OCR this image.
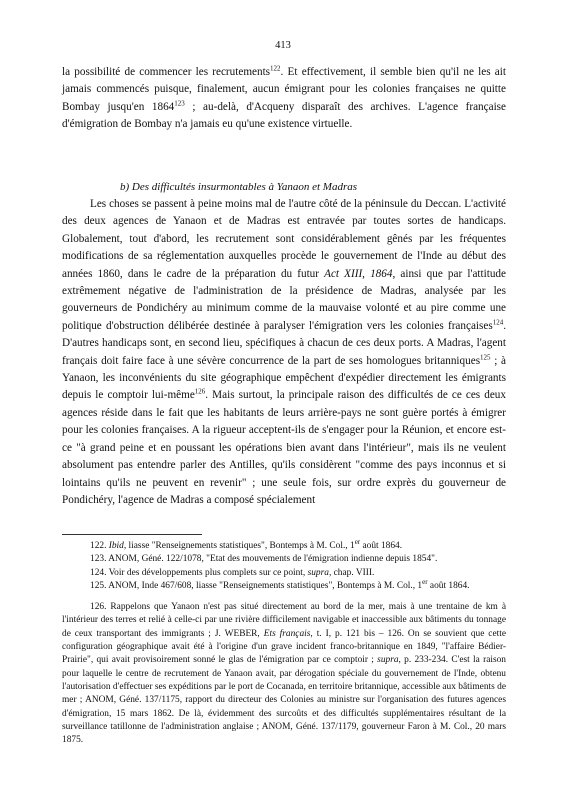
413

la possibilité de commencer les recrutements$^{122}$. Et effectivement, il semble bien qu'il ne les ait jamais commencés puisque, finalement, aucun émigrant pour les colonies françaises ne quitte Bombay jusqu'en 1864$^{123}$ ; au-delà, d'Acqueny disparaît des archives. L'agence française d'émigration de Bombay n'a jamais eu qu'une existence virtuelle.

b) Des difficultés insurmontables à Yanaon et Madras

Les choses se passent à peine moins mal de l'autre côté de la péninsule du Deccan. L'activité des deux agences de Yanaon et de Madras est entravée par toutes sortes de handicaps. Globalement, tout d'abord, les recrutement sont considérablement gênés par les fréquentes modifications de sa réglementation auxquelles procède le gouvernement de l'Inde au début des années 1860, dans le cadre de la préparation du futur Act XIII, 1864, ainsi que par l'attitude extrêmement négative de l'administration de la présidence de Madras, analysée par les gouverneurs de Pondichéry au minimum comme de la mauvaise volonté et au pire comme une politique d'obstruction délibérée destinée à paralyser l'émigration vers les colonies françaises$^{124}$. D'autres handicaps sont, en second lieu, spécifiques à chacun de ces deux ports. A Madras, l'agent français doit faire face à une sévère concurrence de la part de ses homologues britanniques$^{125}$ ; à Yanaon, les inconvénients du site géographique empêchent d'expédier directement les émigrants depuis le comptoir lui-même$^{126}$. Mais surtout, la principale raison des difficultés de ce ces deux agences réside dans le fait que les habitants de leurs arrière-pays ne sont guère portés à émigrer pour les colonies françaises. A la rigueur acceptent-ils de s'engager pour la Réunion, et encore est-ce "à grand peine et en poussant les opérations bien avant dans l'intérieur", mais ils ne veulent absolument pas entendre parler des Antilles, qu'ils considèrent "comme des pays inconnus et si lointains qu'ils ne peuvent en revenir" ; une seule fois, sur ordre exprès du gouverneur de Pondichéry, l'agence de Madras a composé spécialement

122. Ibid, liasse "Renseignements statistiques", Bontemps à M. Col., 1er août 1864.

123. ANOM, Géné. 122/1078, "Etat des mouvements de l'émigration indienne depuis 1854".

124. Voir des développements plus complets sur ce point, supra, chap. VIII.

125. ANOM, Inde 467/608, liasse "Renseignements statistiques", Bontemps à M. Col., 1er août 1864.

126. Rappelons que Yanaon n'est pas situé directement au bord de la mer, mais à une trentaine de km à l'intérieur des terres et relié à celle-ci par une rivière difficilement navigable et inaccessible aux bâtiments du tonnage de ceux transportant des immigrants ; J. WEBER, Ets français, t. I, p. 121 bis – 126. On se souvient que cette configuration géographique avait été à l'origine d'un grave incident franco-britannique en 1849, "l'affaire Bédier-Prairie", qui avait provisoirement sonné le glas de l'émigration par ce comptoir ; supra, p. 233-234. C'est la raison pour laquelle le centre de recrutement de Yanaon avait, par dérogation spéciale du gouvernement de l'Inde, obtenu l'autorisation d'effectuer ses expéditions par le port de Cocanada, en territoire britannique, accessible aux bâtiments de mer ; ANOM, Géné. 137/1175, rapport du directeur des Colonies au ministre sur l'organisation des futures agences d'émigration, 15 mars 1862. De là, évidemment des surcoûts et des difficultés supplémentaires résultant de la surveillance tatillonne de l'administration anglaise ; ANOM, Géné. 137/1179, gouverneur Faron à M. Col., 20 mars 1875.
